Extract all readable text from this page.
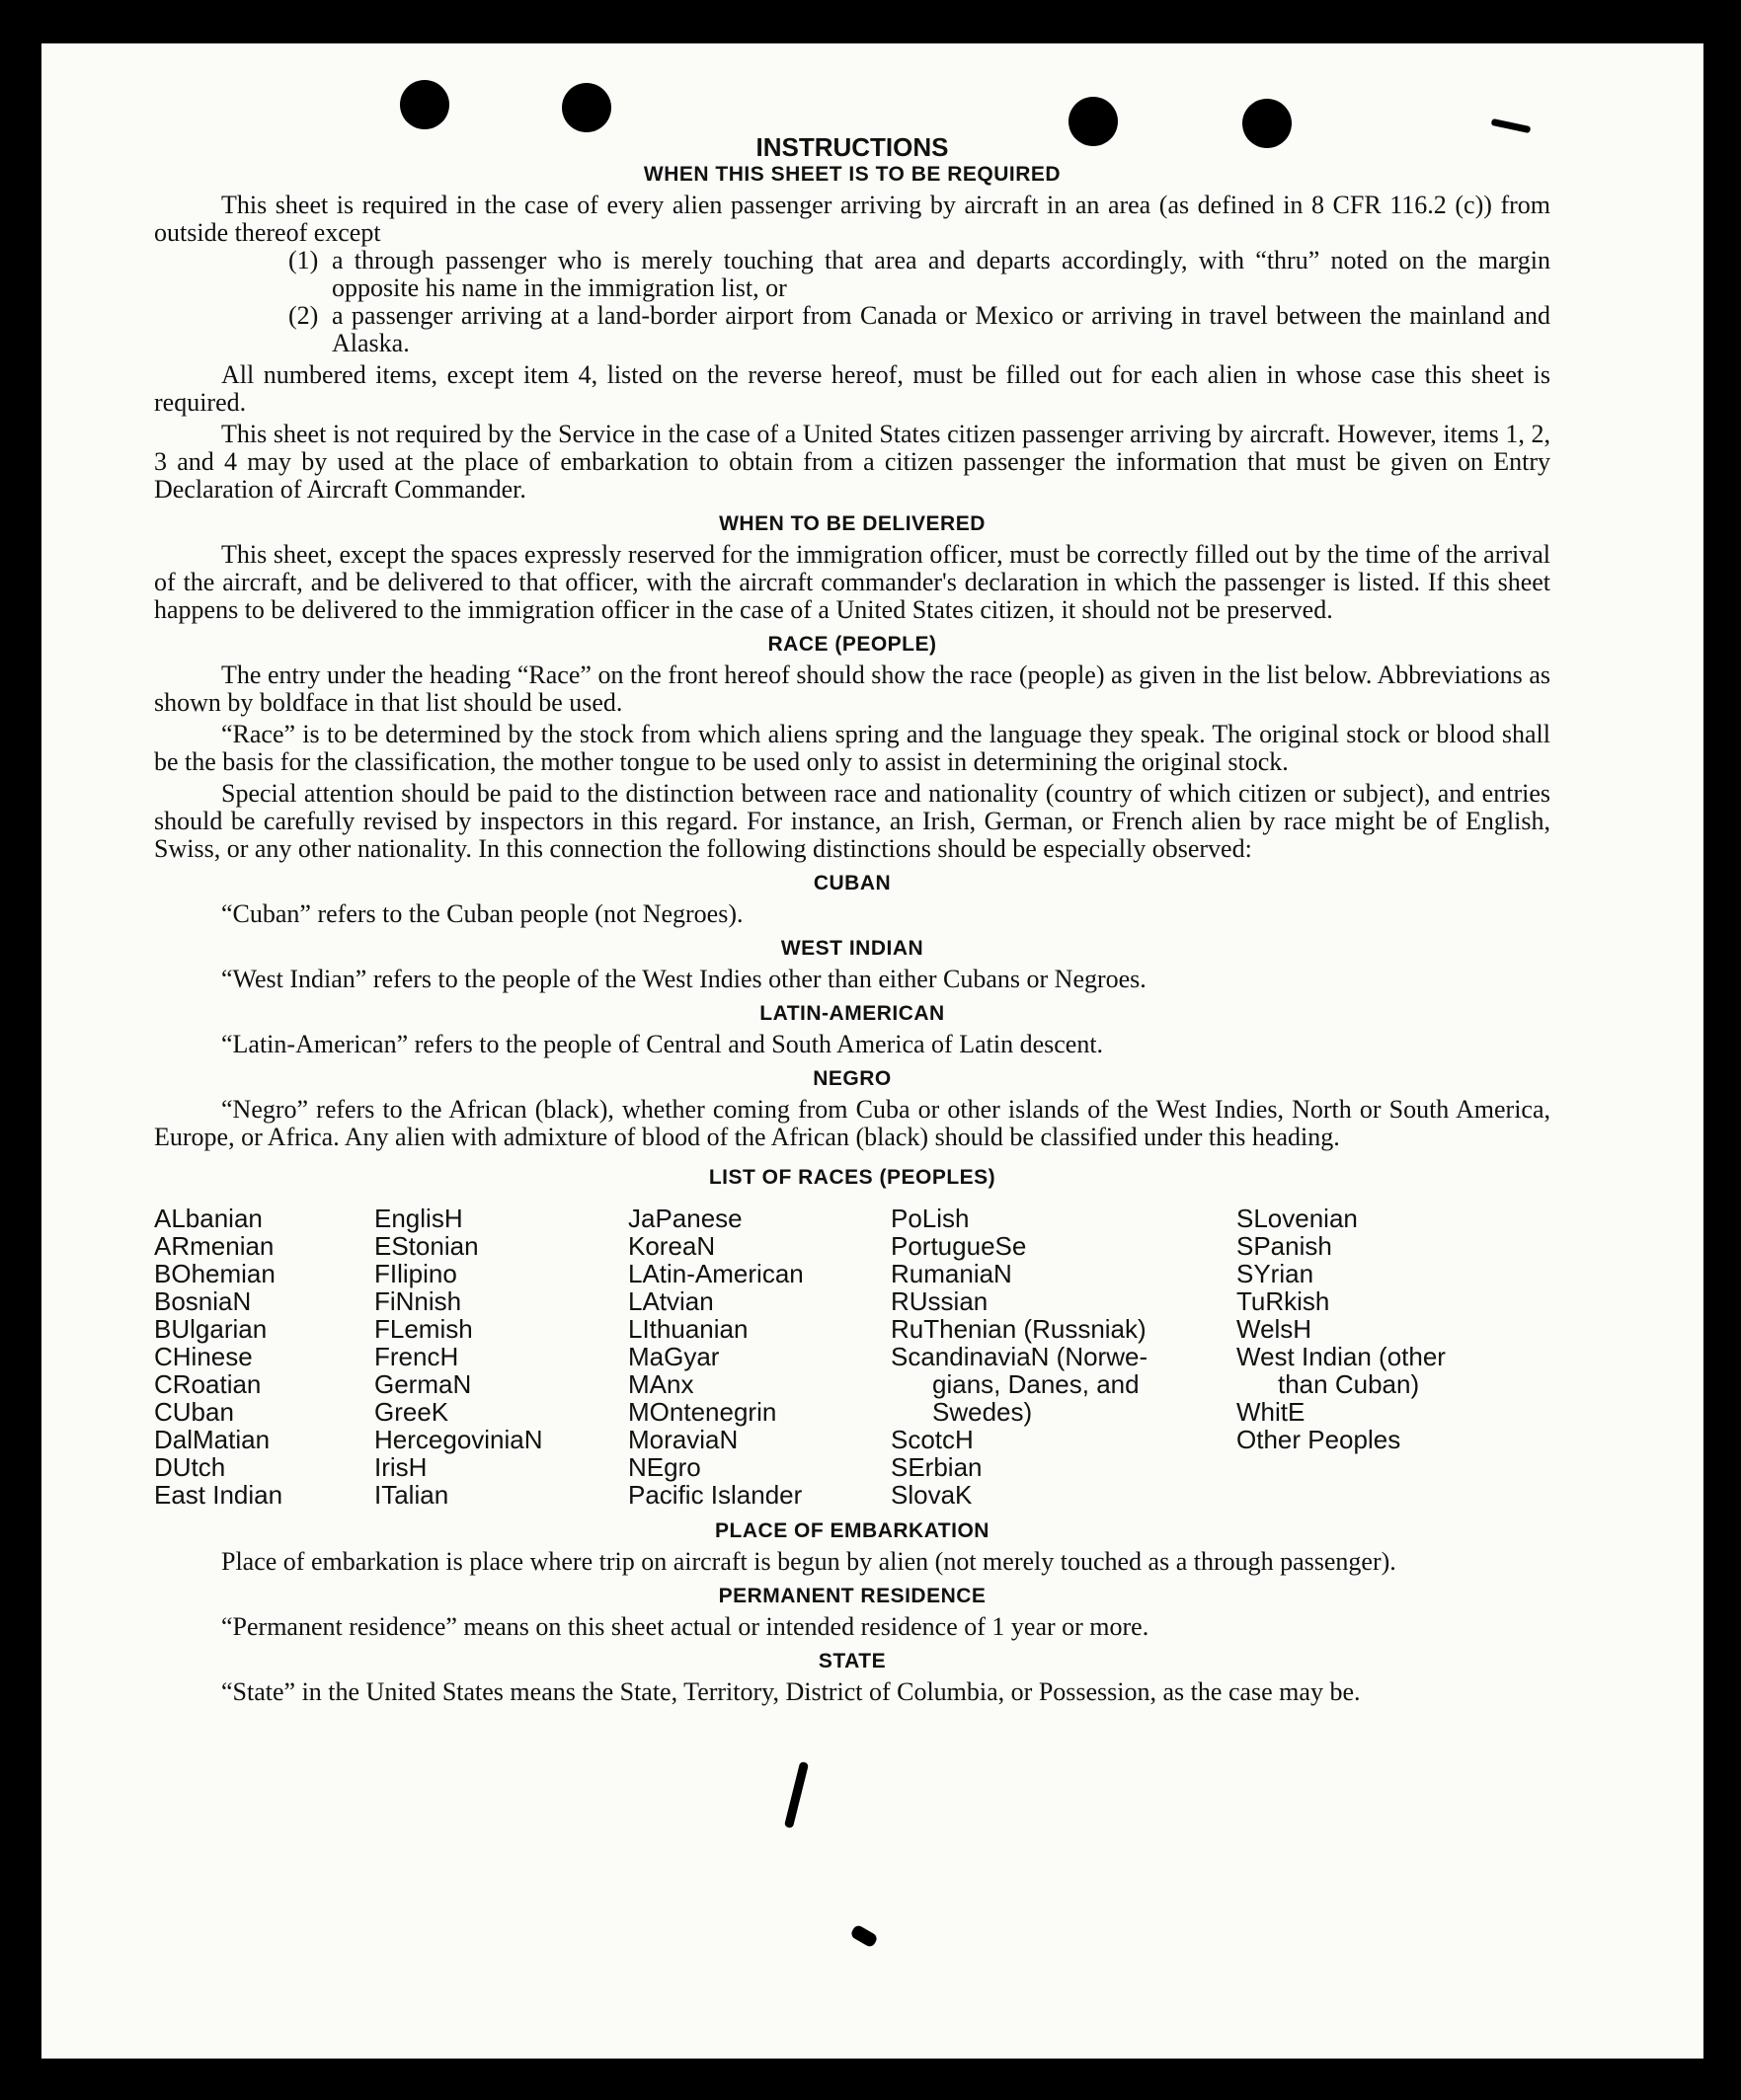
INSTRUCTIONS
WHEN THIS SHEET IS TO BE REQUIRED

This sheet is required in the case of every alien passenger arriving by aircraft in an area (as defined in 8 CFR 116.2 (c)) from outside thereof except

(1) a through passenger who is merely touching that area and departs accordingly, with “thru” noted on the margin opposite his name in the immigration list, or
(2) a passenger arriving at a land-border airport from Canada or Mexico or arriving in travel between the mainland and Alaska.

All numbered items, except item 4, listed on the reverse hereof, must be filled out for each alien in whose case this sheet is required.

This sheet is not required by the Service in the case of a United States citizen passenger arriving by aircraft. However, items 1, 2, 3 and 4 may by used at the place of embarkation to obtain from a citizen passenger the information that must be given on Entry Declaration of Aircraft Commander.

WHEN TO BE DELIVERED

This sheet, except the spaces expressly reserved for the immigration officer, must be correctly filled out by the time of the arrival of the aircraft, and be delivered to that officer, with the aircraft commander's declaration in which the passenger is listed. If this sheet happens to be delivered to the immigration officer in the case of a United States citizen, it should not be preserved.

RACE (PEOPLE)

The entry under the heading “Race” on the front hereof should show the race (people) as given in the list below. Abbreviations as shown by boldface in that list should be used.

“Race” is to be determined by the stock from which aliens spring and the language they speak. The original stock or blood shall be the basis for the classification, the mother tongue to be used only to assist in determining the original stock.

Special attention should be paid to the distinction between race and nationality (country of which citizen or subject), and entries should be carefully revised by inspectors in this regard. For instance, an Irish, German, or French alien by race might be of English, Swiss, or any other nationality. In this connection the following distinctions should be especially observed:

CUBAN

“Cuban” refers to the Cuban people (not Negroes).

WEST INDIAN

“West Indian” refers to the people of the West Indies other than either Cubans or Negroes.

LATIN-AMERICAN

“Latin-American” refers to the people of Central and South America of Latin descent.

NEGRO

“Negro” refers to the African (black), whether coming from Cuba or other islands of the West Indies, North or South America, Europe, or Africa. Any alien with admixture of blood of the African (black) should be classified under this heading.

LIST OF RACES (PEOPLES)
ALbanian
ARmenian
BOhemian
BosniaN
BUlgarian
CHinese
CRoatian
CUban
DalMatian
DUtch
East Indian
EnglisH
EStonian
FIlipino
FiNnish
FLemish
FrencH
GermaN
GreeK
HercegoviniaN
IrisH
ITalian
JaPanese
KoreaN
LAtin-American
LAtvian
LIthuanian
MaGyar
MAnx
MOntenegrin
MoraviaN
NEgro
Pacific Islander
PoLish
PortugueSe
RumaniaN
RUssian
RuThenian (Russniak)
ScandinaviaN (Norwe-
gians, Danes, and
Swedes)
ScotcH
SErbian
SlovaK
SLovenian
SPanish
SYrian
TuRkish
WelsH
West Indian (other
than Cuban)
WhitE
Other Peoples
PLACE OF EMBARKATION

Place of embarkation is place where trip on aircraft is begun by alien (not merely touched as a through passenger).

PERMANENT RESIDENCE

“Permanent residence” means on this sheet actual or intended residence of 1 year or more.

STATE

“State” in the United States means the State, Territory, District of Columbia, or Possession, as the case may be.
